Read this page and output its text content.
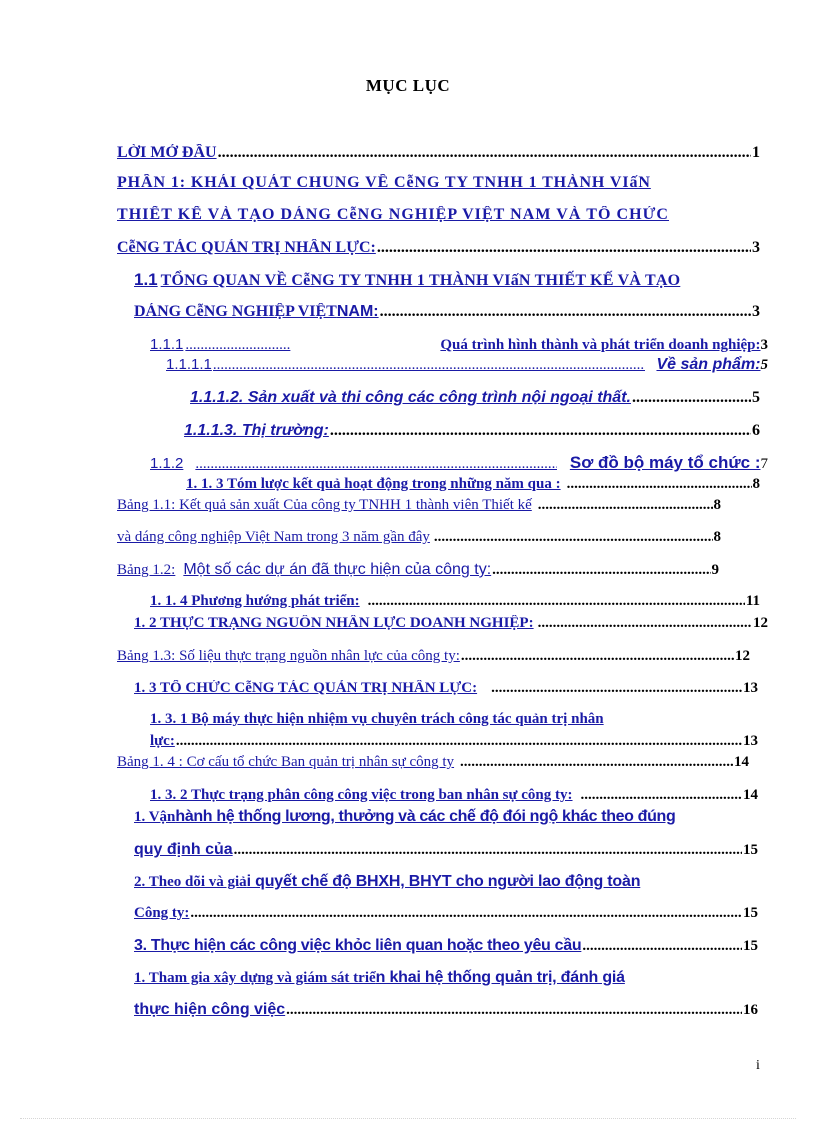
MỤC LỤC
LỜI MỞ ĐẦU .....	1
PHẦN 1: KHÁI QUÁT CHUNG VỀ CễNG TY TNHH 1 THÀNH VIấN
THIẾT KẾ VÀ TẠO DÁNG CễNG NGHIỆP VIỆT NAM VÀ TỔ CHỨC
CễNG TÁC QUẢN TRỊ NHÂN LỰC: .....	3
1.1 TỔNG QUAN VỀ CễNG TY TNHH 1 THÀNH VIấN THIẾT KẾ VÀ TẠO
DÁNG CễNG NGHIỆP VIỆT NAM: .....	3
1.1.1 ............................	Quá trình hình thành và phát triển doanh nghiệp: 3
1.1.1.1 .....	Về sản phẩm: 5
1.1.1.2. Sản xuất và thi công các công trình nội ngoại thất. .....	5
1.1.1.3. Thị trường: .....	6
1.1.2 .....	Sơ đồ bộ máy tổ chức : 7
1. 1. 3 Tóm lược kết quả hoạt động trong những năm qua : .....	8
Bảng 1.1: Kết quả sản xuất Của công ty TNHH 1 thành viên Thiết kế .....	8
và dáng công nghiệp Việt Nam trong 3 năm gần đây .....	8
Bảng 1.2: Một số các dự án đã thực hiện của công ty: .....	9
1. 1. 4 Phương hướng phát triển: .....	11
1. 2 THỰC TRẠNG NGUỒN NHÂN LỰC DOANH NGHIỆP: .....	12
Bảng 1.3: Số liệu thực trạng nguồn nhân lực của công ty: .....	12
1. 3 TỔ CHỨC CễNG TÁC QUẢN TRỊ NHÂN LỰC: .....	13
1. 3. 1 Bộ máy thực hiện nhiệm vụ chuyên trách công tác quản trị nhân
lực: .....	13
Bảng 1. 4 : Cơ cấu tổ chức Ban quản trị nhân sự công ty .....	14
1. 3. 2 Thực trạng phân công công việc trong ban nhân sự công ty: .....	14
1. Vận hành hệ thống lương, thưởng và các chế độ đói ngộ khác theo đúng
quy định của .....	15
2. Theo dõi và giả i quyết chế độ BHXH, BHYT cho người lao động toàn
Công ty: .....	15
3. Thực hiện các công việc khỏc liên quan hoặc theo yêu cầu .....	15
1. Tham gia xây dựng và giám sát triể n khai hệ thống quản trị, đánh giá
thực hiện công việc .....	16
i
